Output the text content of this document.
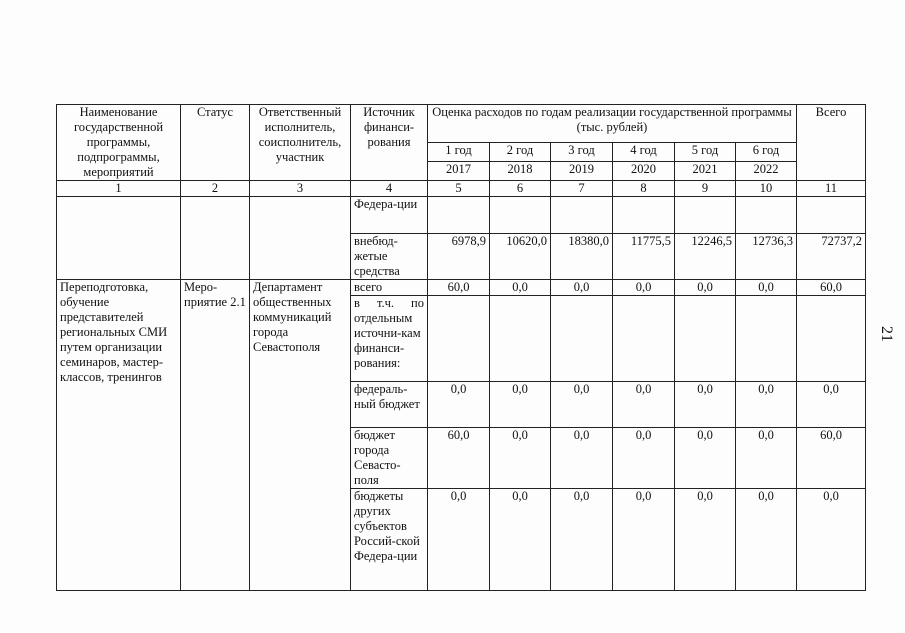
Наименование государственной программы, подпрограммы, мероприятий	Статус	Ответственный исполнитель, соисполнитель, участник	Источник финанси-рования	Оценка расходов по годам реализации государственной программы (тыс. рублей)						Всего
				1 год	2 год	3 год	4 год	5 год	6 год	
				2017	2018	2019	2020	2021	2022	
1	2	3	4	5	6	7	8	9	10	11
			Федера-ции							
			внебюд-жетые средства	6978,9	10620,0	18380,0	11775,5	12246,5	12736,3	72737,2
Переподготовка, обучение представителей региональных СМИ путем организации семинаров, мастер-классов, тренингов	Меро-приятие 2.1	Департамент общественных коммуникаций города Севастополя	всего	60,0	0,0	0,0	0,0	0,0	0,0	60,0
			в т.ч. по отдельным источни-кам финанси-рования:							
			федераль-ный бюджет	0,0	0,0	0,0	0,0	0,0	0,0	0,0
			бюджет города Севасто-поля	60,0	0,0	0,0	0,0	0,0	0,0	60,0
			бюджеты других субъектов Россий-ской Федера-ции	0,0	0,0	0,0	0,0	0,0	0,0	0,0
21
